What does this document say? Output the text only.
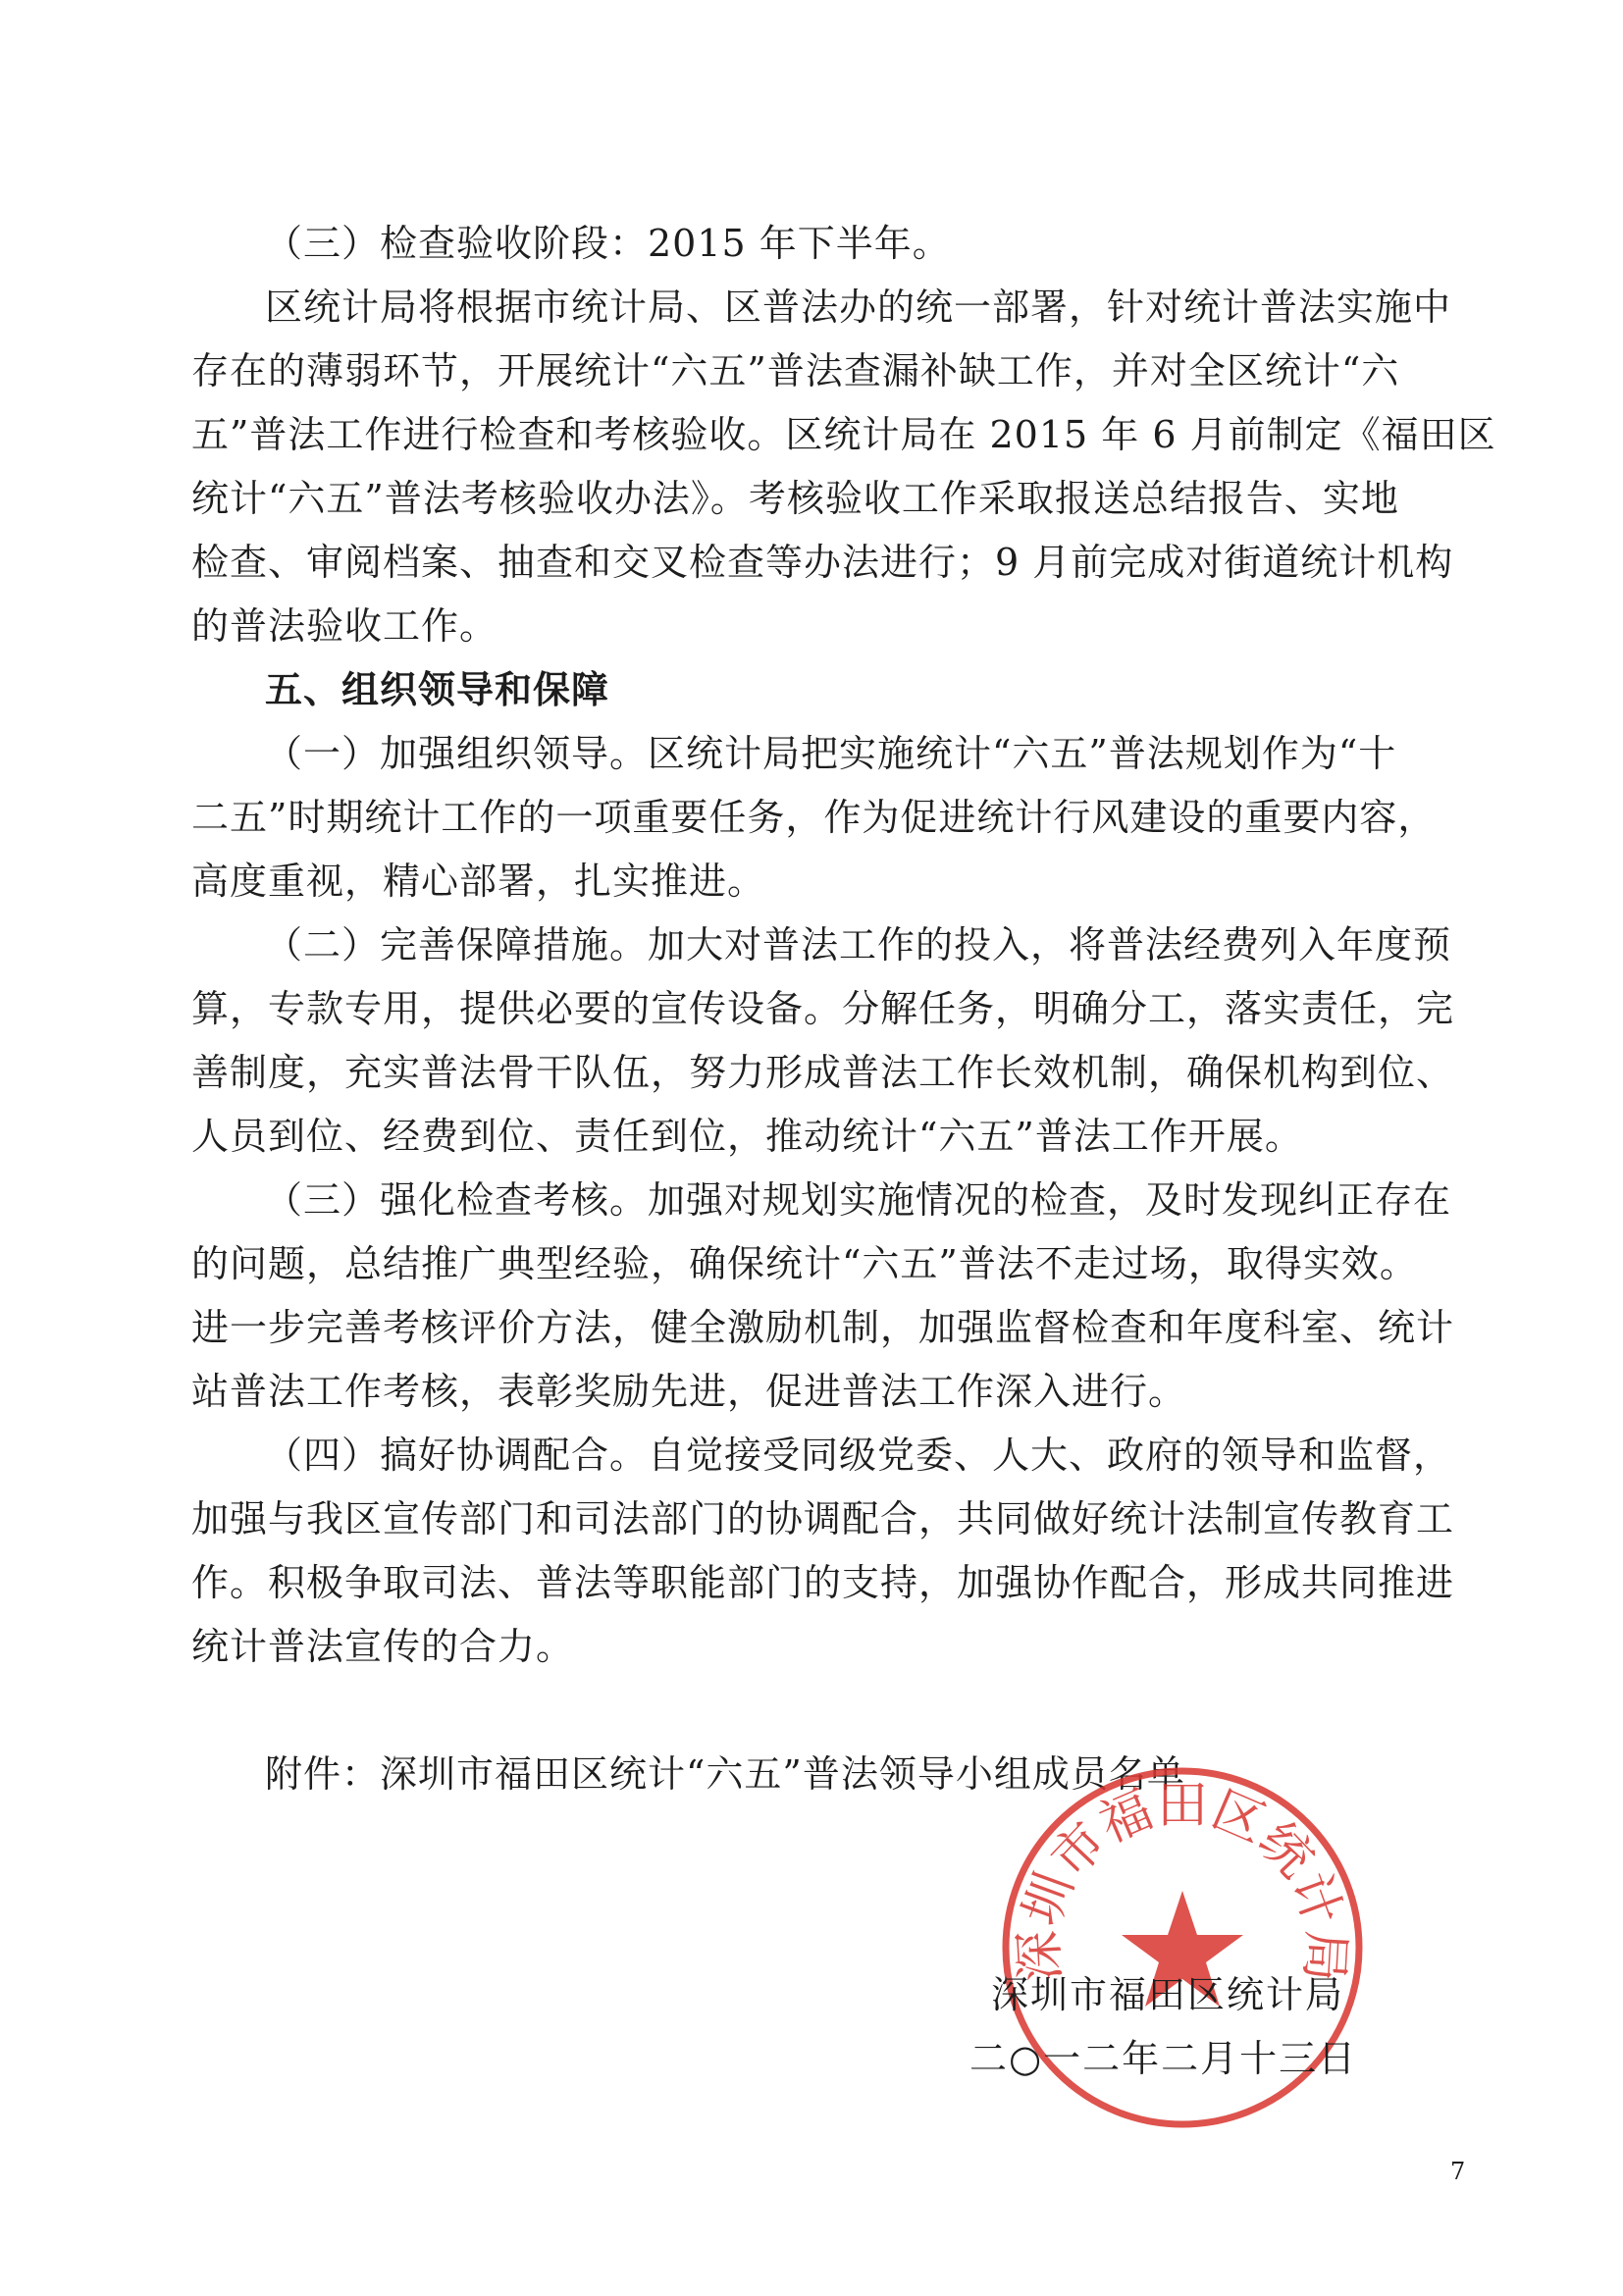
（三）检查验收阶段：2015 年下半年。

区统计局将根据市统计局、区普法办的统一部署，针对统计普法实施中

存在的薄弱环节，开展统计“六五”普法查漏补缺工作，并对全区统计“六

五”普法工作进行检查和考核验收。区统计局在 2015 年 6 月前制定《福田区

统计“六五”普法考核验收办法》。考核验收工作采取报送总结报告、实地

检查、审阅档案、抽查和交叉检查等办法进行；9 月前完成对街道统计机构

的普法验收工作。

五、组织领导和保障

（一）加强组织领导。区统计局把实施统计“六五”普法规划作为“十

二五”时期统计工作的一项重要任务，作为促进统计行风建设的重要内容，

高度重视，精心部署，扎实推进。

（二）完善保障措施。加大对普法工作的投入，将普法经费列入年度预

算，专款专用，提供必要的宣传设备。分解任务，明确分工，落实责任，完

善制度，充实普法骨干队伍，努力形成普法工作长效机制，确保机构到位、

人员到位、经费到位、责任到位，推动统计“六五”普法工作开展。

（三）强化检查考核。加强对规划实施情况的检查，及时发现纠正存在

的问题，总结推广典型经验，确保统计“六五”普法不走过场，取得实效。

进一步完善考核评价方法，健全激励机制，加强监督检查和年度科室、统计

站普法工作考核，表彰奖励先进，促进普法工作深入进行。

（四）搞好协调配合。自觉接受同级党委、人大、政府的领导和监督，

加强与我区宣传部门和司法部门的协调配合，共同做好统计法制宣传教育工

作。积极争取司法、普法等职能部门的支持，加强协作配合，形成共同推进

统计普法宣传的合力。

附件：深圳市福田区统计“六五”普法领导小组成员名单

深圳市福田区统计局
深圳市福田区统计局
二○一二年二月十三日
7
